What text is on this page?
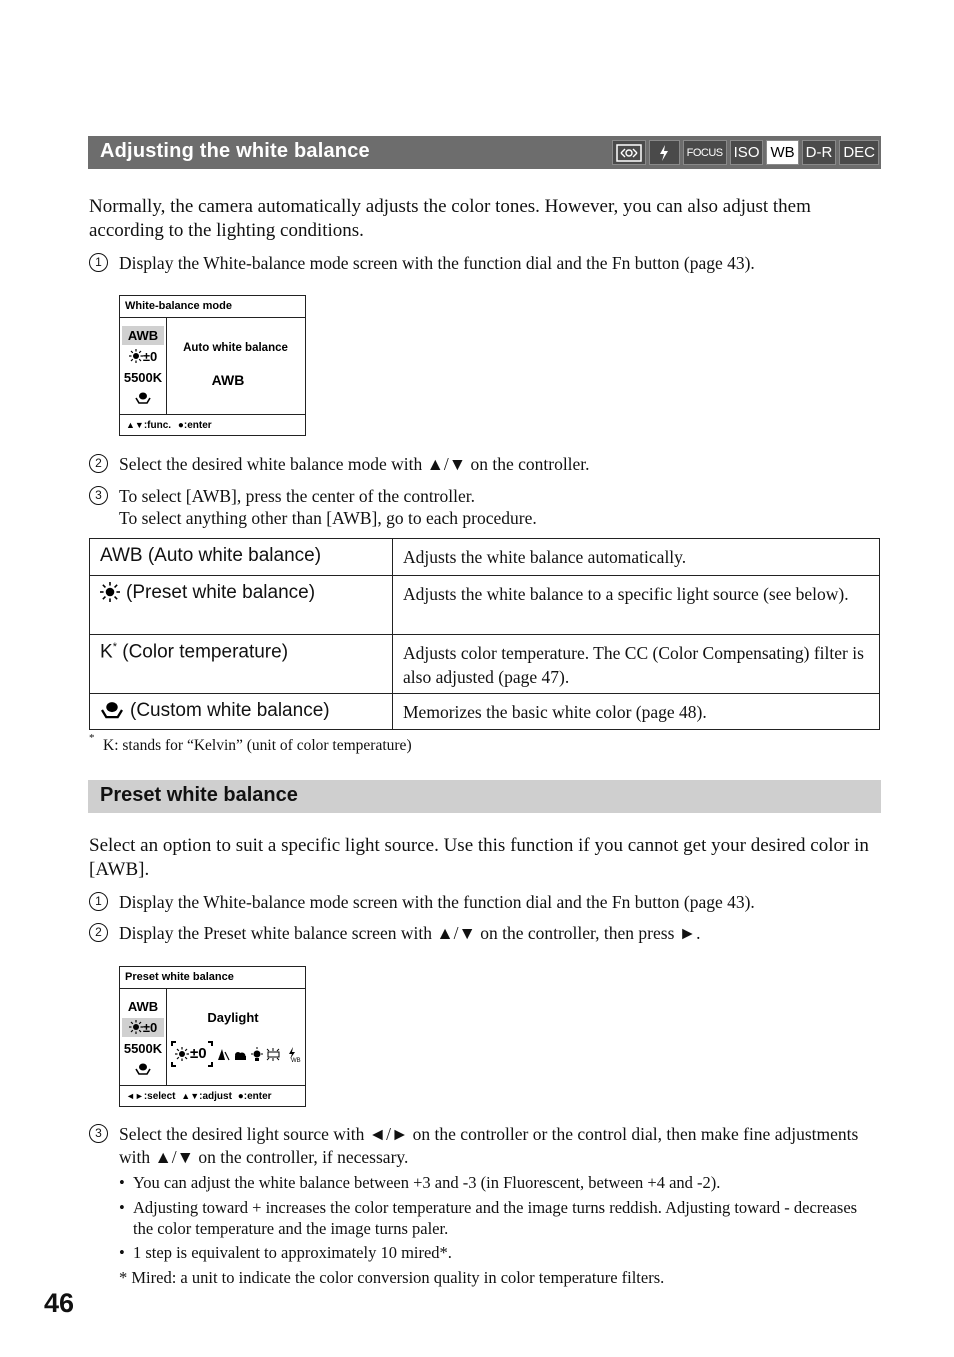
Adjusting the white balance	FOCUS ISO WB D-R DEC
Normally, the camera automatically adjusts the color tones. However, you can also adjust them according to the lighting conditions.
1 Display the White-balance mode screen with the function dial and the Fn button (page 43).
White-balance mode
AWB
±0
5500K
Auto white balance
AWB
▲▼:func. ●:enter
2 Select the desired white balance mode with ▲/▼ on the controller.
3 To select [AWB], press the center of the controller.
To select anything other than [AWB], go to each procedure.
AWB (Auto white balance)	Adjusts the white balance automatically.
(Preset white balance)	Adjusts the white balance to a specific light source (see below).
K* (Color temperature)	Adjusts color temperature. The CC (Color Compensating) filter is also adjusted (page 47).
(Custom white balance)	Memorizes the basic white color (page 48).
* K: stands for “Kelvin” (unit of color temperature)
Preset white balance
Select an option to suit a specific light source. Use this function if you cannot get your desired color in [AWB].
1 Display the White-balance mode screen with the function dial and the Fn button (page 43).
2 Display the Preset white balance screen with ▲/▼ on the controller, then press ►.
Preset white balance
AWB
±0
5500K
Daylight
±0	WB
◄►:select ▲▼:adjust ●:enter
3 Select the desired light source with ◄/► on the controller or the control dial, then make fine adjustments with ▲/▼ on the controller, if necessary.
• You can adjust the white balance between +3 and -3 (in Fluorescent, between +4 and -2).
• Adjusting toward + increases the color temperature and the image turns reddish. Adjusting toward - decreases the color temperature and the image turns paler.
• 1 step is equivalent to approximately 10 mired*.
* Mired: a unit to indicate the color conversion quality in color temperature filters.
46
